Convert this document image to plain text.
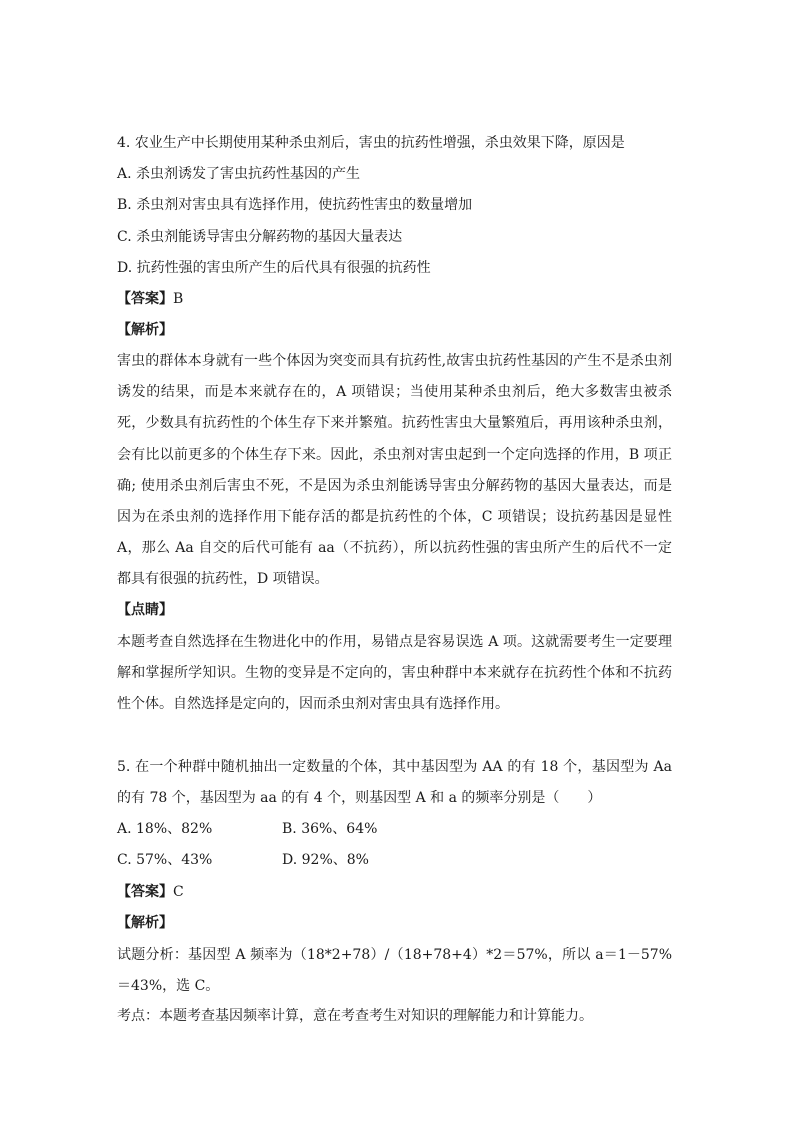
4. 农业生产中长期使用某种杀虫剂后，害虫的抗药性增强，杀虫效果下降，原因是
A. 杀虫剂诱发了害虫抗药性基因的产生
B. 杀虫剂对害虫具有选择作用，使抗药性害虫的数量增加
C. 杀虫剂能诱导害虫分解药物的基因大量表达
D. 抗药性强的害虫所产生的后代具有很强的抗药性
【答案】B
【解析】
害虫的群体本身就有一些个体因为突变而具有抗药性,故害虫抗药性基因的产生不是杀虫剂诱发的结果，而是本来就存在的，A 项错误；当使用某种杀虫剂后，绝大多数害虫被杀死，少数具有抗药性的个体生存下来并繁殖。抗药性害虫大量繁殖后，再用该种杀虫剂，会有比以前更多的个体生存下来。因此，杀虫剂对害虫起到一个定向选择的作用，B 项正确; 使用杀虫剂后害虫不死，不是因为杀虫剂能诱导害虫分解药物的基因大量表达，而是因为在杀虫剂的选择作用下能存活的都是抗药性的个体，C 项错误；设抗药基因是显性 A，那么 Aa 自交的后代可能有 aa（不抗药），所以抗药性强的害虫所产生的后代不一定都具有很强的抗药性，D 项错误。
【点睛】
本题考查自然选择在生物进化中的作用，易错点是容易误选 A 项。这就需要考生一定要理解和掌握所学知识。生物的变异是不定向的，害虫种群中本来就存在抗药性个体和不抗药性个体。自然选择是定向的，因而杀虫剂对害虫具有选择作用。
5. 在一个种群中随机抽出一定数量的个体，其中基因型为 AA 的有 18 个，基因型为 Aa 的有 78 个，基因型为 aa 的有 4 个，则基因型 A 和 a 的频率分别是（　　）
A. 18%、82%	B. 36%、64%
C. 57%、43%	D. 92%、8%
【答案】C
【解析】
试题分析：基因型 A 频率为（18*2+78）/（18+78+4）*2＝57%，所以 a＝1－57%＝43%，选 C。
考点：本题考查基因频率计算，意在考查考生对知识的理解能力和计算能力。
